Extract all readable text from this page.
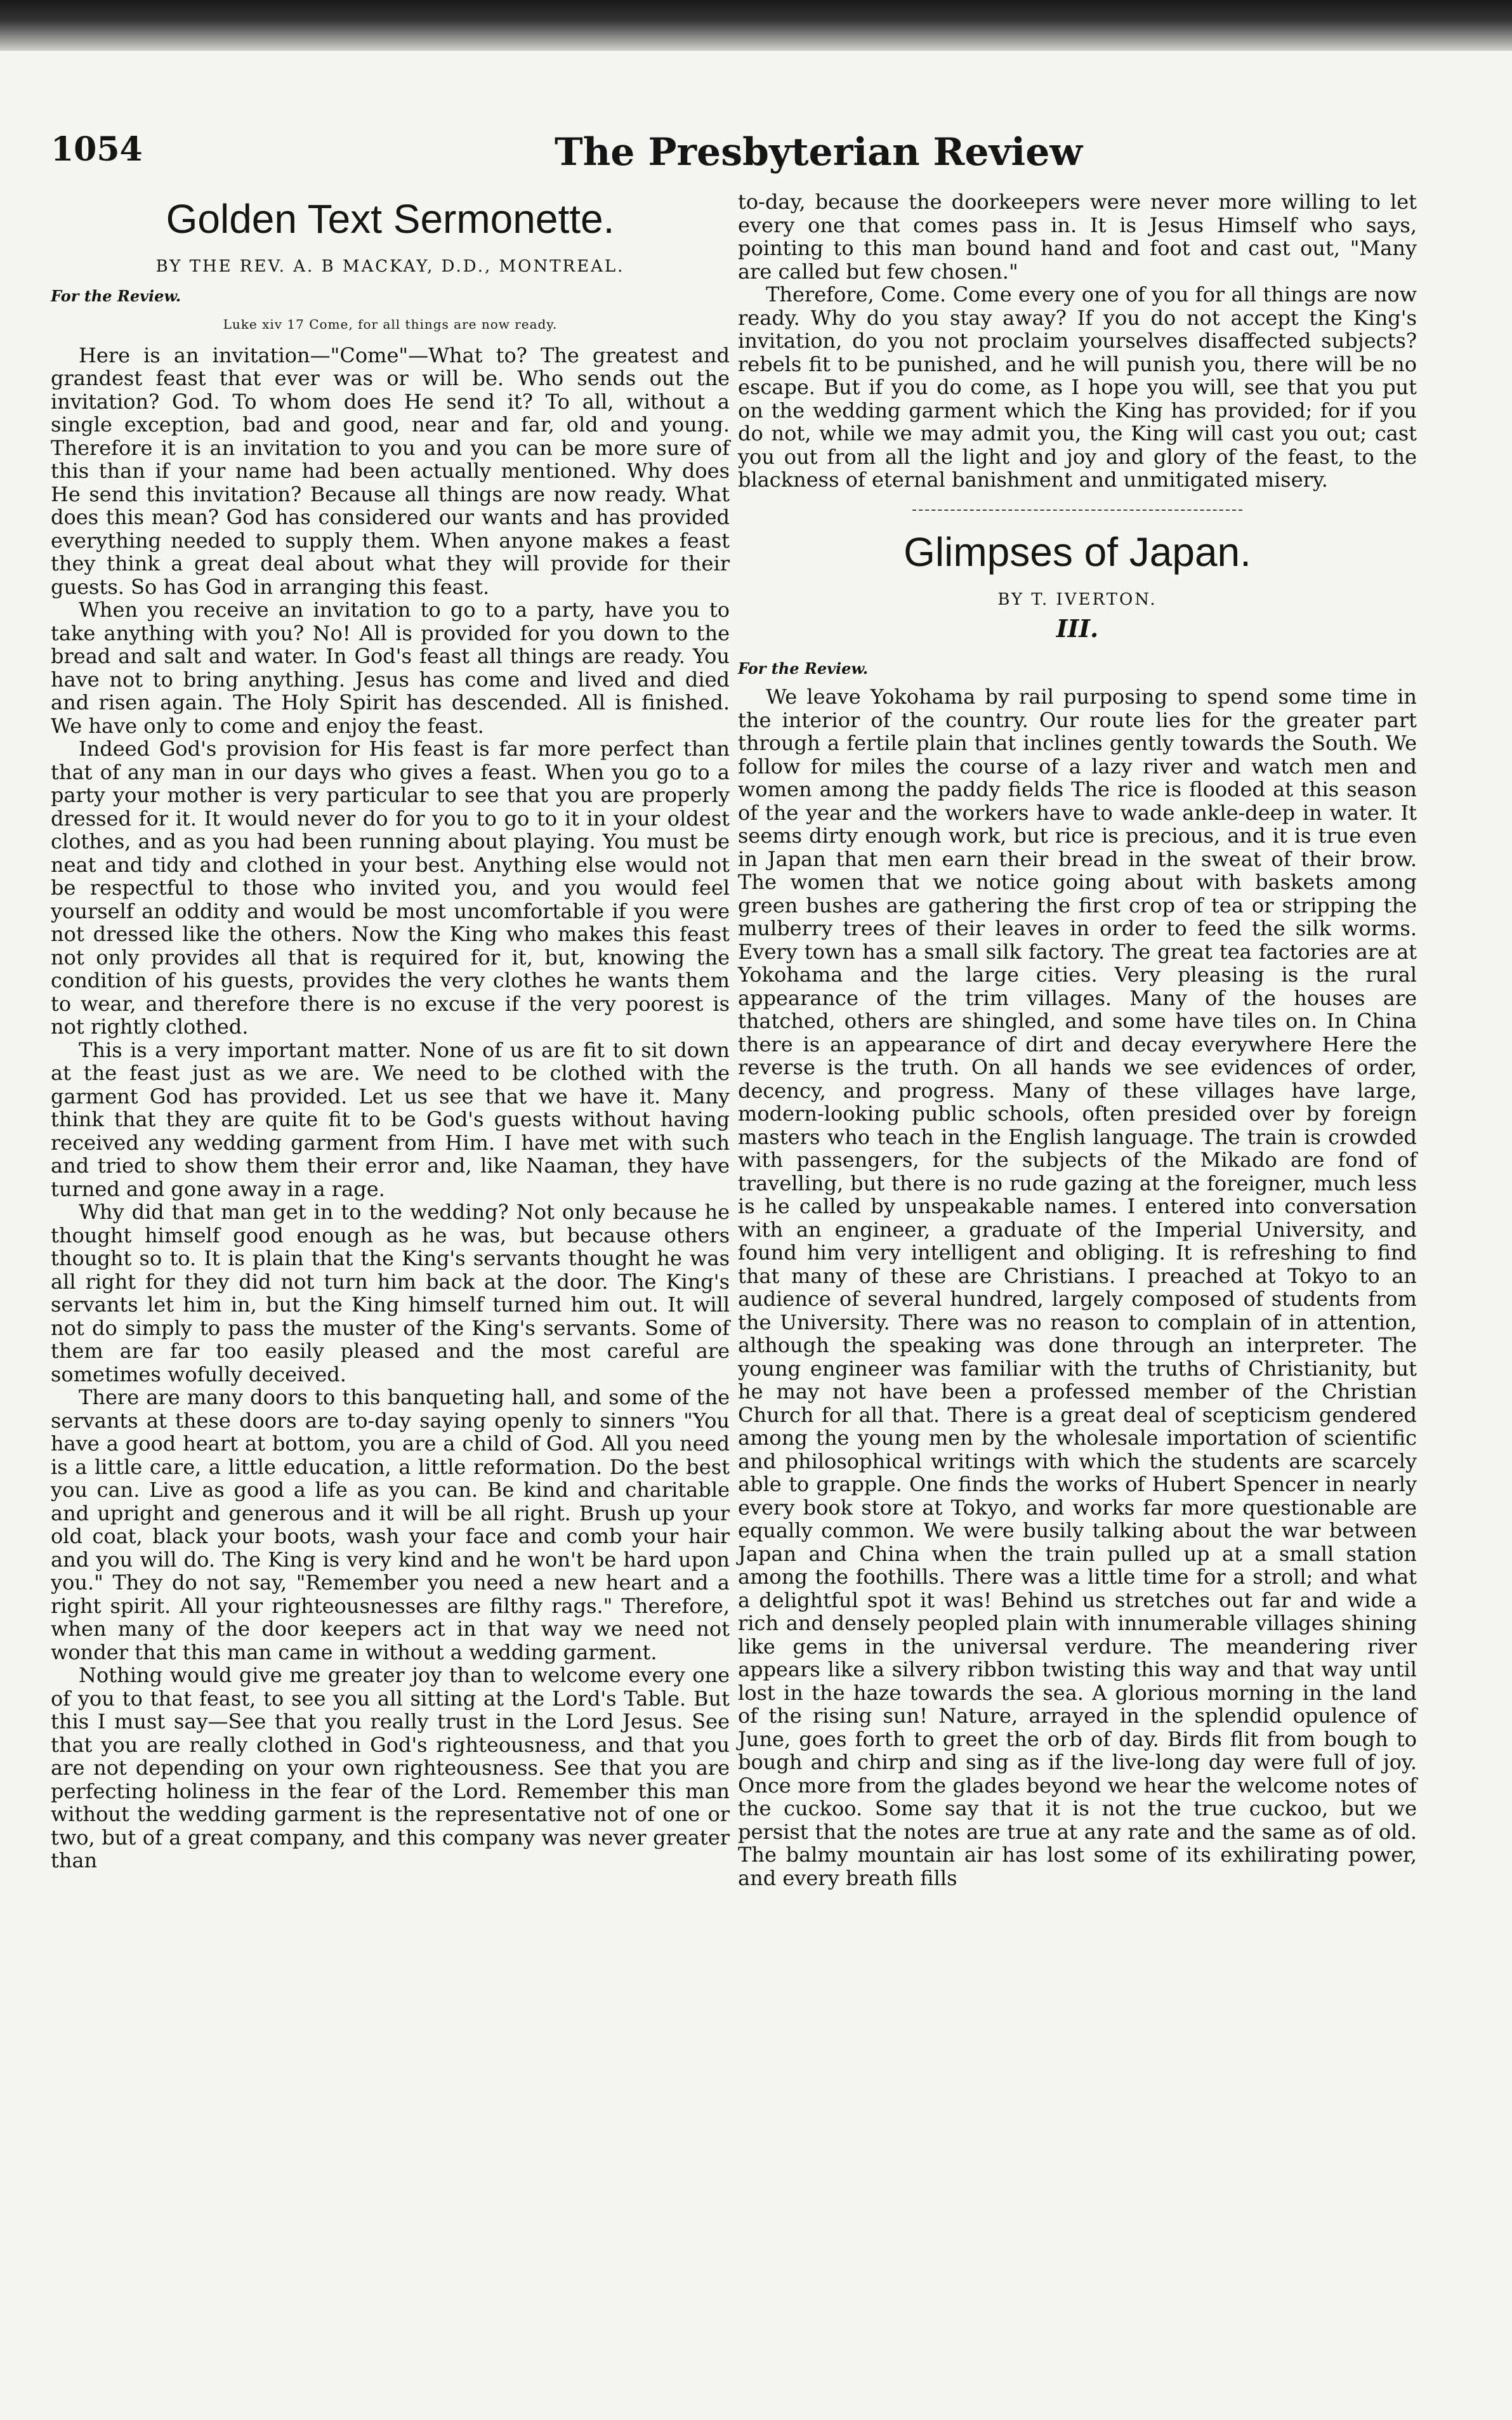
1054	The Presbyterian Review
Golden Text Sermonette.
BY THE REV. A. B MACKAY, D.D., MONTREAL.
For the Review.
Luke xiv 17 Come, for all things are now ready.

Here is an invitation—"Come"—What to? The greatest and grandest feast that ever was or will be. Who sends out the invitation? God. To whom does He send it? To all, without a single exception, bad and good, near and far, old and young. Therefore it is an invitation to you and you can be more sure of this than if your name had been actually mentioned. Why does He send this invitation? Because all things are now ready. What does this mean? God has considered our wants and has provided everything needed to supply them. When anyone makes a feast they think a great deal about what they will provide for their guests. So has God in arranging this feast.

When you receive an invitation to go to a party, have you to take anything with you? No! All is provided for you down to the bread and salt and water. In God's feast all things are ready. You have not to bring anything. Jesus has come and lived and died and risen again. The Holy Spirit has descended. All is finished. We have only to come and enjoy the feast.

Indeed God's provision for His feast is far more perfect than that of any man in our days who gives a feast. When you go to a party your mother is very particular to see that you are properly dressed for it. It would never do for you to go to it in your oldest clothes, and as you had been running about playing. You must be neat and tidy and clothed in your best. Anything else would not be respectful to those who invited you, and you would feel yourself an oddity and would be most uncomfortable if you were not dressed like the others. Now the King who makes this feast not only provides all that is required for it, but, knowing the condition of his guests, provides the very clothes he wants them to wear, and therefore there is no excuse if the very poorest is not rightly clothed.

This is a very important matter. None of us are fit to sit down at the feast just as we are. We need to be clothed with the garment God has provided. Let us see that we have it. Many think that they are quite fit to be God's guests without having received any wedding garment from Him. I have met with such and tried to show them their error and, like Naaman, they have turned and gone away in a rage.

Why did that man get in to the wedding? Not only because he thought himself good enough as he was, but because others thought so to. It is plain that the King's servants thought he was all right for they did not turn him back at the door. The King's servants let him in, but the King himself turned him out. It will not do simply to pass the muster of the King's servants. Some of them are far too easily pleased and the most careful are sometimes wofully deceived.

There are many doors to this banqueting hall, and some of the servants at these doors are to-day saying openly to sinners "You have a good heart at bottom, you are a child of God. All you need is a little care, a little education, a little reformation. Do the best you can. Live as good a life as you can. Be kind and charitable and upright and generous and it will be all right. Brush up your old coat, black your boots, wash your face and comb your hair and you will do. The King is very kind and he won't be hard upon you." They do not say, "Remember you need a new heart and a right spirit. All your righteousnesses are filthy rags." Therefore, when many of the door keepers act in that way we need not wonder that this man came in without a wedding garment.

Nothing would give me greater joy than to welcome every one of you to that feast, to see you all sitting at the Lord's Table. But this I must say—See that you really trust in the Lord Jesus. See that you are really clothed in God's righteousness, and that you are not depending on your own righteousness. See that you are perfecting holiness in the fear of the Lord. Remember this man without the wedding garment is the representative not of one or two, but of a great company, and this company was never greater than

to-day, because the doorkeepers were never more willing to let every one that comes pass in. It is Jesus Himself who says, pointing to this man bound hand and foot and cast out, "Many are called but few chosen."

Therefore, Come. Come every one of you for all things are now ready. Why do you stay away? If you do not accept the King's invitation, do you not proclaim yourselves disaffected subjects? rebels fit to be punished, and he will punish you, there will be no escape. But if you do come, as I hope you will, see that you put on the wedding garment which the King has provided; for if you do not, while we may admit you, the King will cast you out; cast you out from all the light and joy and glory of the feast, to the blackness of eternal banishment and unmitigated misery.

Glimpses of Japan.
BY T. IVERTON.
III.
For the Review.

We leave Yokohama by rail purposing to spend some time in the interior of the country. Our route lies for the greater part through a fertile plain that inclines gently towards the South. We follow for miles the course of a lazy river and watch men and women among the paddy fields The rice is flooded at this season of the year and the workers have to wade ankle-deep in water. It seems dirty enough work, but rice is precious, and it is true even in Japan that men earn their bread in the sweat of their brow. The women that we notice going about with baskets among green bushes are gathering the first crop of tea or stripping the mulberry trees of their leaves in order to feed the silk worms. Every town has a small silk factory. The great tea factories are at Yokohama and the large cities. Very pleasing is the rural appearance of the trim villages. Many of the houses are thatched, others are shingled, and some have tiles on. In China there is an appearance of dirt and decay everywhere Here the reverse is the truth. On all hands we see evidences of order, decency, and progress. Many of these villages have large, modern-looking public schools, often presided over by foreign masters who teach in the English language. The train is crowded with passengers, for the subjects of the Mikado are fond of travelling, but there is no rude gazing at the foreigner, much less is he called by unspeakable names. I entered into conversation with an engineer, a graduate of the Imperial University, and found him very intelligent and obliging. It is refreshing to find that many of these are Christians. I preached at Tokyo to an audience of several hundred, largely composed of students from the University. There was no reason to complain of in attention, although the speaking was done through an interpreter. The young engineer was familiar with the truths of Christianity, but he may not have been a professed member of the Christian Church for all that. There is a great deal of scepticism gendered among the young men by the wholesale importation of scientific and philosophical writings with which the students are scarcely able to grapple. One finds the works of Hubert Spencer in nearly every book store at Tokyo, and works far more questionable are equally common. We were busily talking about the war between Japan and China when the train pulled up at a small station among the foothills. There was a little time for a stroll; and what a delightful spot it was! Behind us stretches out far and wide a rich and densely peopled plain with innumerable villages shining like gems in the universal verdure. The meandering river appears like a silvery ribbon twisting this way and that way until lost in the haze towards the sea. A glorious morning in the land of the rising sun! Nature, arrayed in the splendid opulence of June, goes forth to greet the orb of day. Birds flit from bough to bough and chirp and sing as if the live-long day were full of joy. Once more from the glades beyond we hear the welcome notes of the cuckoo. Some say that it is not the true cuckoo, but we persist that the notes are true at any rate and the same as of old. The balmy mountain air has lost some of its exhilirating power, and every breath fills
